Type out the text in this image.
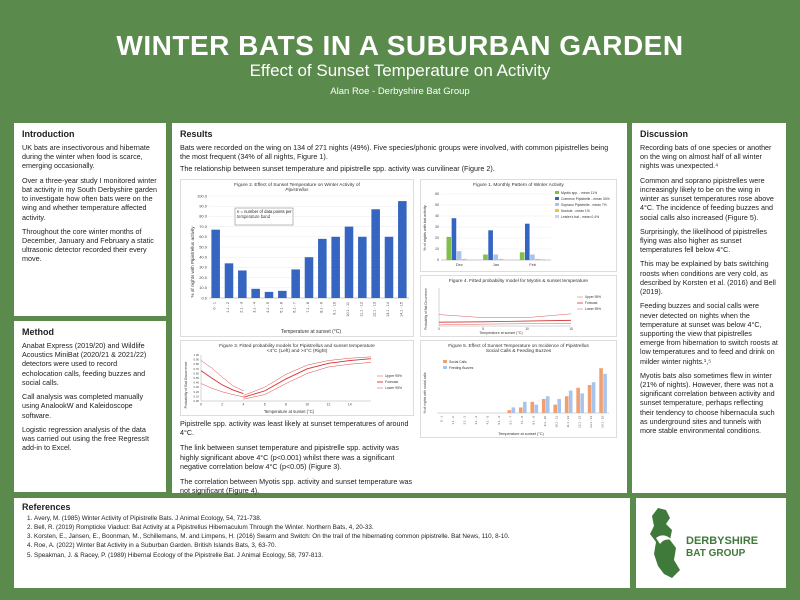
WINTER BATS IN A SUBURBAN GARDEN
Effect of Sunset Temperature on Activity
Alan Roe - Derbyshire Bat Group
Introduction

UK bats are insectivorous and hibernate during the winter when food is scarce, emerging occasionally.

Over a three-year study I monitored winter bat activity in my South Derbyshire garden to investigate how often bats were on the wing and whether temperature affected activity.

Throughout the core winter months of December, January and February a static ultrasonic detector recorded their every move.

Method

Anabat Express (2019/20) and Wildlife Acoustics MiniBat (2020/21 & 2021/22) detectors were used to record echolocation calls, feeding buzzes and social calls.

Call analysis was completed manually using AnalookW and Kaleidoscope software.

Logistic regression analysis of the data was carried out using the free RegressIt add-in to Excel.

Results

Bats were recorded on the wing on 134 of 271 nights (49%). Five species/phonic groups were involved, with common pipistrelles being the most frequent (34% of all nights, Figure 1).

The relationship between sunset temperature and pipistrelle spp. activity was curvilinear (Figure 2).

Figure 2. Effect of Sunset Temperature on Winter Activity of
Pipistrellus
n = number of data points per temperature band
% of nights with Pipistrellus activity
Temperature at sunset (°C)
0.0
10.0
20.0
30.0
40.0
50.0
60.0
70.0
80.0
90.0
100.0
0 - 1 1.1 - 2 2.1 - 3 3.1 - 4 4.1 - 5 5.1 - 6 6.1 - 7 7.1 - 8 8.1 - 9 9.1 - 10 10.1 - 11 11.1 - 12 12.1 - 13 13.1 - 14 14.1 - 15
Figure 3. Fitted probability models for Pipistrellus and sunset temperature
<4°C (Left) and >4°C (Right)
Probability of Bat Occurrence
Temperature at sunset (°C)
0.00
0.10
0.20
0.30
0.40
0.50
0.60
0.70
0.80
0.90
1.00
0	2	4	6	8	10	12	14
Upper 95%
Forecast
Lower 95%
Figure 1. Monthly Pattern of Winter Activity
% of nights with bat activity
0
10
20
30
40
50
60
Dec	Jan	Feb
Myotis spp. - mean 11%
Common Pipistrelle - mean 34%
Soprano Pipistrelle - mean 7%
Noctule - mean 1%
Leisler's bat - mean 0.4%
Figure 4. Fitted probability model for Myotis & sunset temperature
Probability of Bat Occurrence
Temperature at sunset (°C)
0	5	10	15
Upper 95%
Forecast
Lower 95%
Figure 5. Effect of Sunset Temperature on Incidence of Pipistrellus
Social Calls & Feeding Buzzes
% of nights with social calls
Temperature at sunset (°C)
0 - 1 1.1 - 2 2.1 - 3 3.1 - 4 4.1 - 5 5.1 - 6 6.1 - 7 7.1 - 8 8.1 - 9 9.1 - 10 10.1 - 11 11.1 - 12 12.1 - 13 13.1 - 14 14.1 - 15
Social Calls
Feeding Buzzes

Pipistrelle spp. activity was least likely at sunset temperatures of around 4°C.

The link between sunset temperature and pipistrelle spp. activity was highly significant above 4°C (p<0.001) whilst there was a significant negative correlation below 4°C (p<0.05) (Figure 3).

The correlation between Myotis spp. activity and sunset temperature was not significant (Figure 4).

Discussion

Recording bats of one species or another on the wing on almost half of all winter nights was unexpected.⁴

Common and soprano pipistrelles were increasingly likely to be on the wing in winter as sunset temperatures rose above 4°C. The incidence of feeding buzzes and social calls also increased (Figure 5).

Surprisingly, the likelihood of pipistrelles flying was also higher as sunset temperatures fell below 4°C.

This may be explained by bats switching roosts when conditions are very cold, as described by Korsten et al. (2016) and Bell (2019).

Feeding buzzes and social calls were never detected on nights when the temperature at sunset was below 4°C, supporting the view that pipistrelles emerge from hibernation to switch roosts at low temperatures and to feed and drink on milder winter nights.¹,⁵

Myotis bats also sometimes flew in winter (21% of nights). However, there was not a significant correlation between activity and sunset temperature, perhaps reflecting their tendency to choose hibernacula such as underground sites and tunnels with more stable environmental conditions.

References
1. Avery, M. (1985) Winter Activity of Pipistrelle Bats. J Animal Ecology, 54, 721-738.
2. Bell, R. (2019) Rompticke Viaduct: Bat Activity at a Pipistrellus Hibernaculum Through the Winter. Northern Bats, 4, 20-33.
3. Korsten, E., Jansen, E., Boonman, M., Schillemans, M. and Limpens, H. (2016) Swarm and Switch: On the trail of the hibernating common pipistrelle. Bat News, 110, 8-10.
4. Roe, A. (2022) Winter Bat Activity in a Suburban Garden. British Islands Bats, 3, 63-70.
5. Speakman, J. & Racey, P. (1989) Hibernal Ecology of the Pipistrelle Bat. J Animal Ecology, 58, 797-813.
DERBYSHIRE
BAT GROUP
